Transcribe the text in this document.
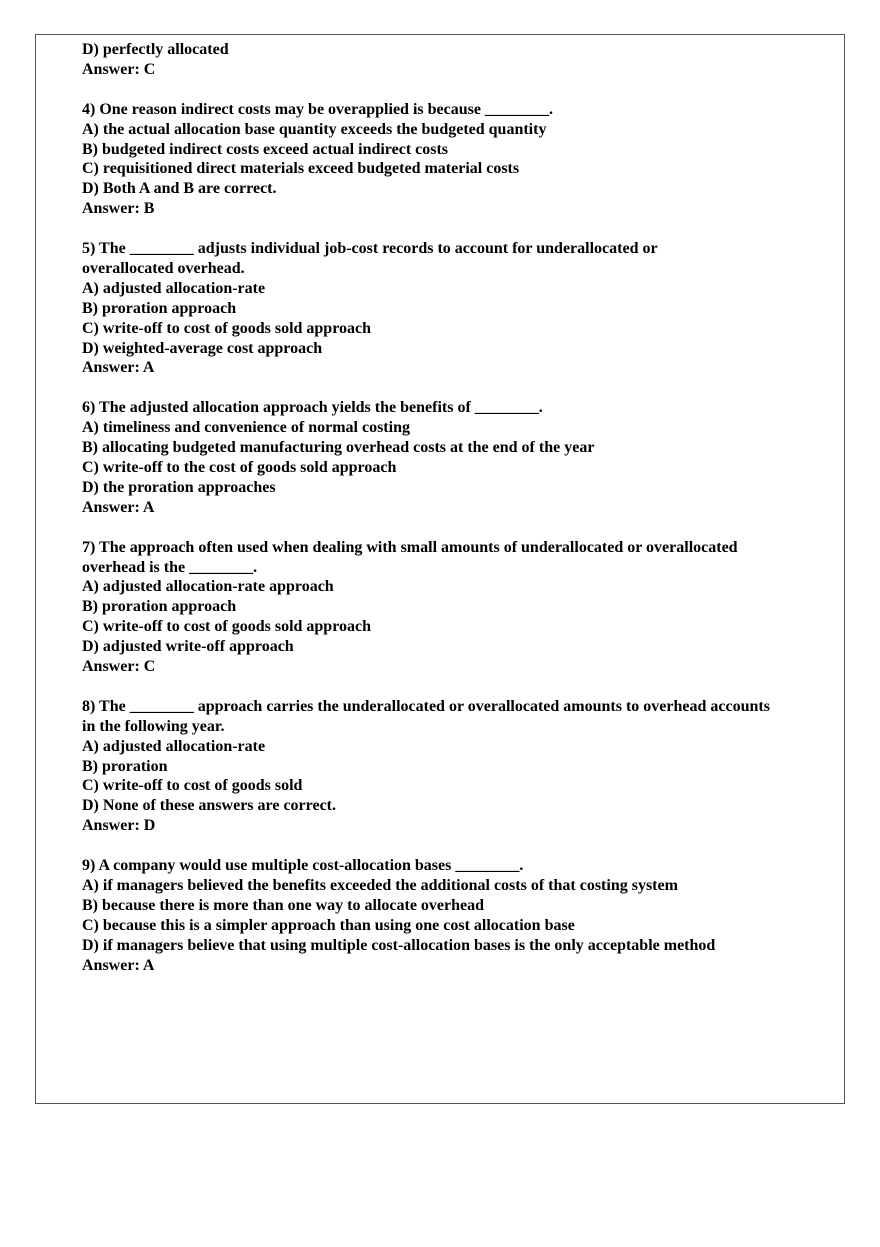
D) perfectly allocated
Answer: C
4) One reason indirect costs may be overapplied is because ________.
A) the actual allocation base quantity exceeds the budgeted quantity
B) budgeted indirect costs exceed actual indirect costs
C) requisitioned direct materials exceed budgeted material costs
D) Both A and B are correct.
Answer: B
5) The ________ adjusts individual job-cost records to account for underallocated or overallocated overhead.
A) adjusted allocation-rate
B) proration approach
C) write-off to cost of goods sold approach
D) weighted-average cost approach
Answer: A
6) The adjusted allocation approach yields the benefits of ________.
A) timeliness and convenience of normal costing
B) allocating budgeted manufacturing overhead costs at the end of the year
C) write-off to the cost of goods sold approach
D) the proration approaches
Answer: A
7) The approach often used when dealing with small amounts of underallocated or overallocated overhead is the ________.
A) adjusted allocation-rate approach
B) proration approach
C) write-off to cost of goods sold approach
D) adjusted write-off approach
Answer: C
8) The ________ approach carries the underallocated or overallocated amounts to overhead accounts in the following year.
A) adjusted allocation-rate
B) proration
C) write-off to cost of goods sold
D) None of these answers are correct.
Answer: D
9) A company would use multiple cost-allocation bases ________.
A) if managers believed the benefits exceeded the additional costs of that costing system
B) because there is more than one way to allocate overhead
C) because this is a simpler approach than using one cost allocation base
D) if managers believe that using multiple cost-allocation bases is the only acceptable method
Answer: A
